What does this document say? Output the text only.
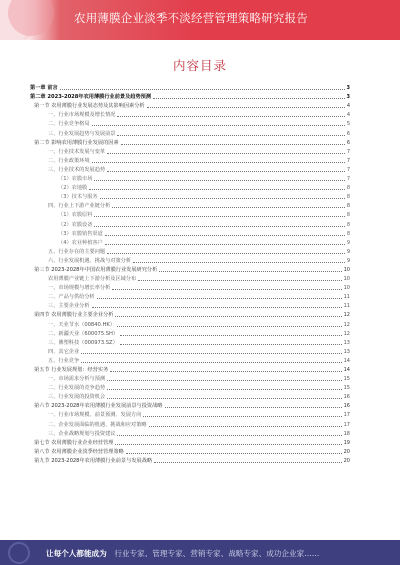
农用薄膜企业淡季不淡经营管理策略研究报告
内容目录
第一章 前言	3
第二章 2023-2028年农用薄膜行业前景及趋势预测	3
第一节 农用薄膜行业发展态势及其影响因素分析	4
一、行业市场规模及增长情况	4
二、行业竞争格局	5
三、行业发展趋势与发展前景	6
第二节 影响农用薄膜行业发展的因素	6
一、行业技术发展与变革	7
二、行业政策环境	7
三、行业技术的发展趋势	7
（1）农膜市场	7
（2）农地膜	8
（3）技术与服务	8
四、行业上下游产业链分析	8
（1）农膜原料	8
（2）农膜设备	8
（3）农膜销售渠道	8
（4）农业种植客户	9
五、行业存在的主要问题	9
六、行业发展机遇、挑战与对策分析	9
第三节 2023-2028年中国农用薄膜行业发展研究分析	10
农用薄膜产业链上下游分析及区域分布	10
一、市场规模与增长率分析	10
二、产品与供给分析	11
三、主要企业分析	11
第四节 农用薄膜行业主要企业分析	12
一、天业节水（00840.HK）	12
二、新疆天业（600075.SH）	12
三、佛塑科技（000973.SZ）	13
四、其它企业	13
五、行业竞争	14
第五节 行业发展规划：经营实务	14
一、市场需求分析与预测	15
二、行业发展的竞争趋势	15
三、行业发展的投资机会	16
第六节 2023-2028年农用薄膜行业发展前景与投资战略	16
一、行业市场规模、前景预测、发展方向	17
二、企业发展面临的机遇、挑战和应对策略	17
三、企业战略规划与投资建议	18
第七节 农用薄膜行业企业经营管理	19
第八节 农用薄膜企业淡季经营管理策略	20
第九节 2023-2028年农用薄膜行业前景与发展战略	20
让每个人都能成为　 行业专家、管理专家、营销专家、战略专家、成功企业家……
